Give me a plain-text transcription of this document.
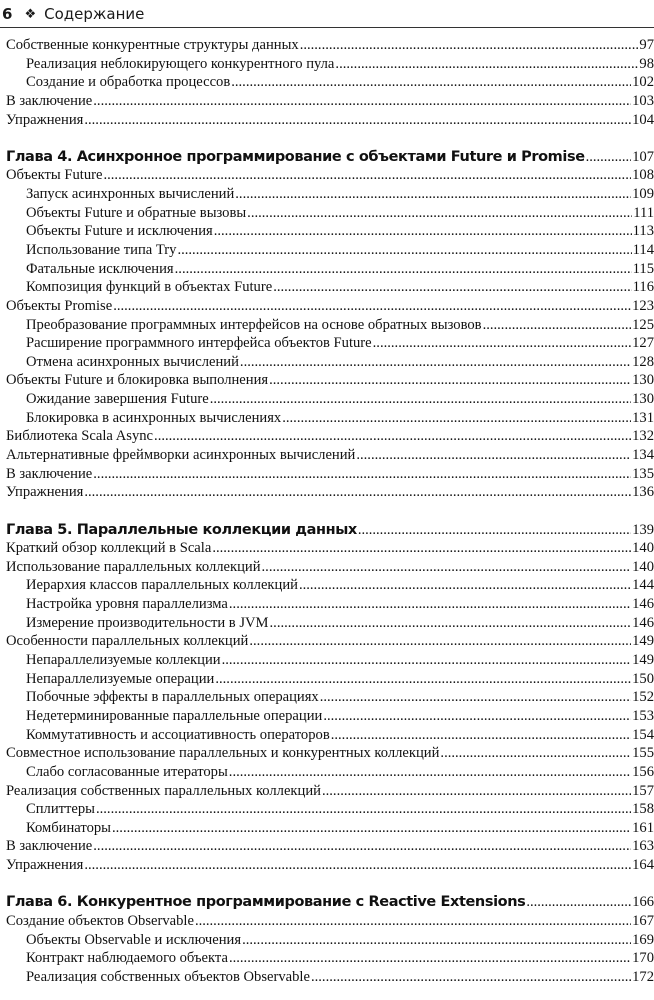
6 ❖ Содержание
Собственные конкурентные структуры данных .....	97
Реализация неблокирующего конкурентного пула .....	98
Создание и обработка процессов .....	102
В заключение .....	103
Упражнения .....	104
Глава 4. Асинхронное программирование с объектами Future и Promise .....	107
Объекты Future .....	108
Запуск асинхронных вычислений .....	109
Объекты Future и обратные вызовы .....	111
Объекты Future и исключения .....	113
Использование типа Try .....	114
Фатальные исключения .....	115
Композиция функций в объектах Future .....	116
Объекты Promise .....	123
Преобразование программных интерфейсов на основе обратных вызовов .....	125
Расширение программного интерфейса объектов Future .....	127
Отмена асинхронных вычислений .....	128
Объекты Future и блокировка выполнения .....	130
Ожидание завершения Future .....	130
Блокировка в асинхронных вычислениях .....	131
Библиотека Scala Async .....	132
Альтернативные фреймворки асинхронных вычислений .....	134
В заключение .....	135
Упражнения .....	136
Глава 5. Параллельные коллекции данных .....	139
Краткий обзор коллекций в Scala .....	140
Использование параллельных коллекций .....	140
Иерархия классов параллельных коллекций .....	144
Настройка уровня параллелизма .....	146
Измерение производительности в JVM .....	146
Особенности параллельных коллекций .....	149
Непараллелизуемые коллекции .....	149
Непараллелизуемые операции .....	150
Побочные эффекты в параллельных операциях .....	152
Недетерминированные параллельные операции .....	153
Коммутативность и ассоциативность операторов .....	154
Совместное использование параллельных и конкурентных коллекций .....	155
Слабо согласованные итераторы .....	156
Реализация собственных параллельных коллекций .....	157
Сплиттеры .....	158
Комбинаторы .....	161
В заключение .....	163
Упражнения .....	164
Глава 6. Конкурентное программирование с Reactive Extensions .....	166
Создание объектов Observable .....	167
Объекты Observable и исключения .....	169
Контракт наблюдаемого объекта .....	170
Реализация собственных объектов Observable .....	172
